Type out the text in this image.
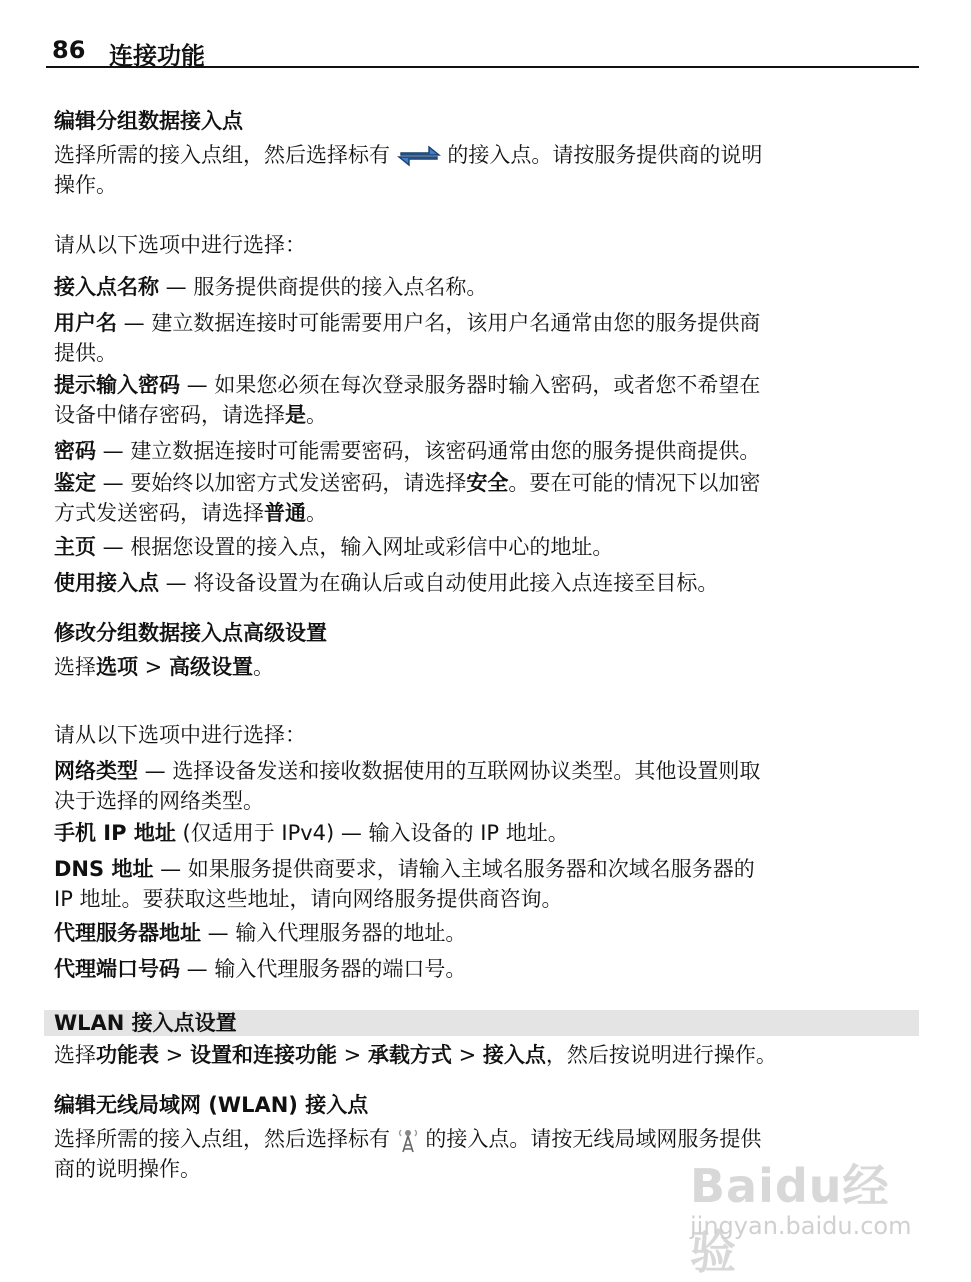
86 连接功能
编辑分组数据接入点
选择所需的接入点组，然后选择标有	的接入点。请按服务提供商的说明
操作。
请从以下选项中进行选择：
接入点名称 — 服务提供商提供的接入点名称。
用户名 — 建立数据连接时可能需要用户名，该用户名通常由您的服务提供商
提供。
提示输入密码 — 如果您必须在每次登录服务器时输入密码，或者您不希望在
设备中储存密码，请选择是。
密码 — 建立数据连接时可能需要密码，该密码通常由您的服务提供商提供。
鉴定 — 要始终以加密方式发送密码，请选择安全。要在可能的情况下以加密
方式发送密码，请选择普通。
主页 — 根据您设置的接入点，输入网址或彩信中心的地址。
使用接入点 — 将设备设置为在确认后或自动使用此接入点连接至目标。
修改分组数据接入点高级设置
选择选项 > 高级设置。
请从以下选项中进行选择：
网络类型 — 选择设备发送和接收数据使用的互联网协议类型。其他设置则取
决于选择的网络类型。
手机 IP 地址 (仅适用于 IPv4) — 输入设备的 IP 地址。
DNS 地址 — 如果服务提供商要求，请输入主域名服务器和次域名服务器的
IP 地址。要获取这些地址，请向网络服务提供商咨询。
代理服务器地址 — 输入代理服务器的地址。
代理端口号码 — 输入代理服务器的端口号。
WLAN 接入点设置
选择功能表 > 设置和连接功能 > 承载方式 > 接入点，然后按说明进行操作。
编辑无线局域网 (WLAN) 接入点
选择所需的接入点组，然后选择标有 的接入点。请按无线局域网服务提供
商的说明操作。	Baidu经验
jingyan.baidu.com
